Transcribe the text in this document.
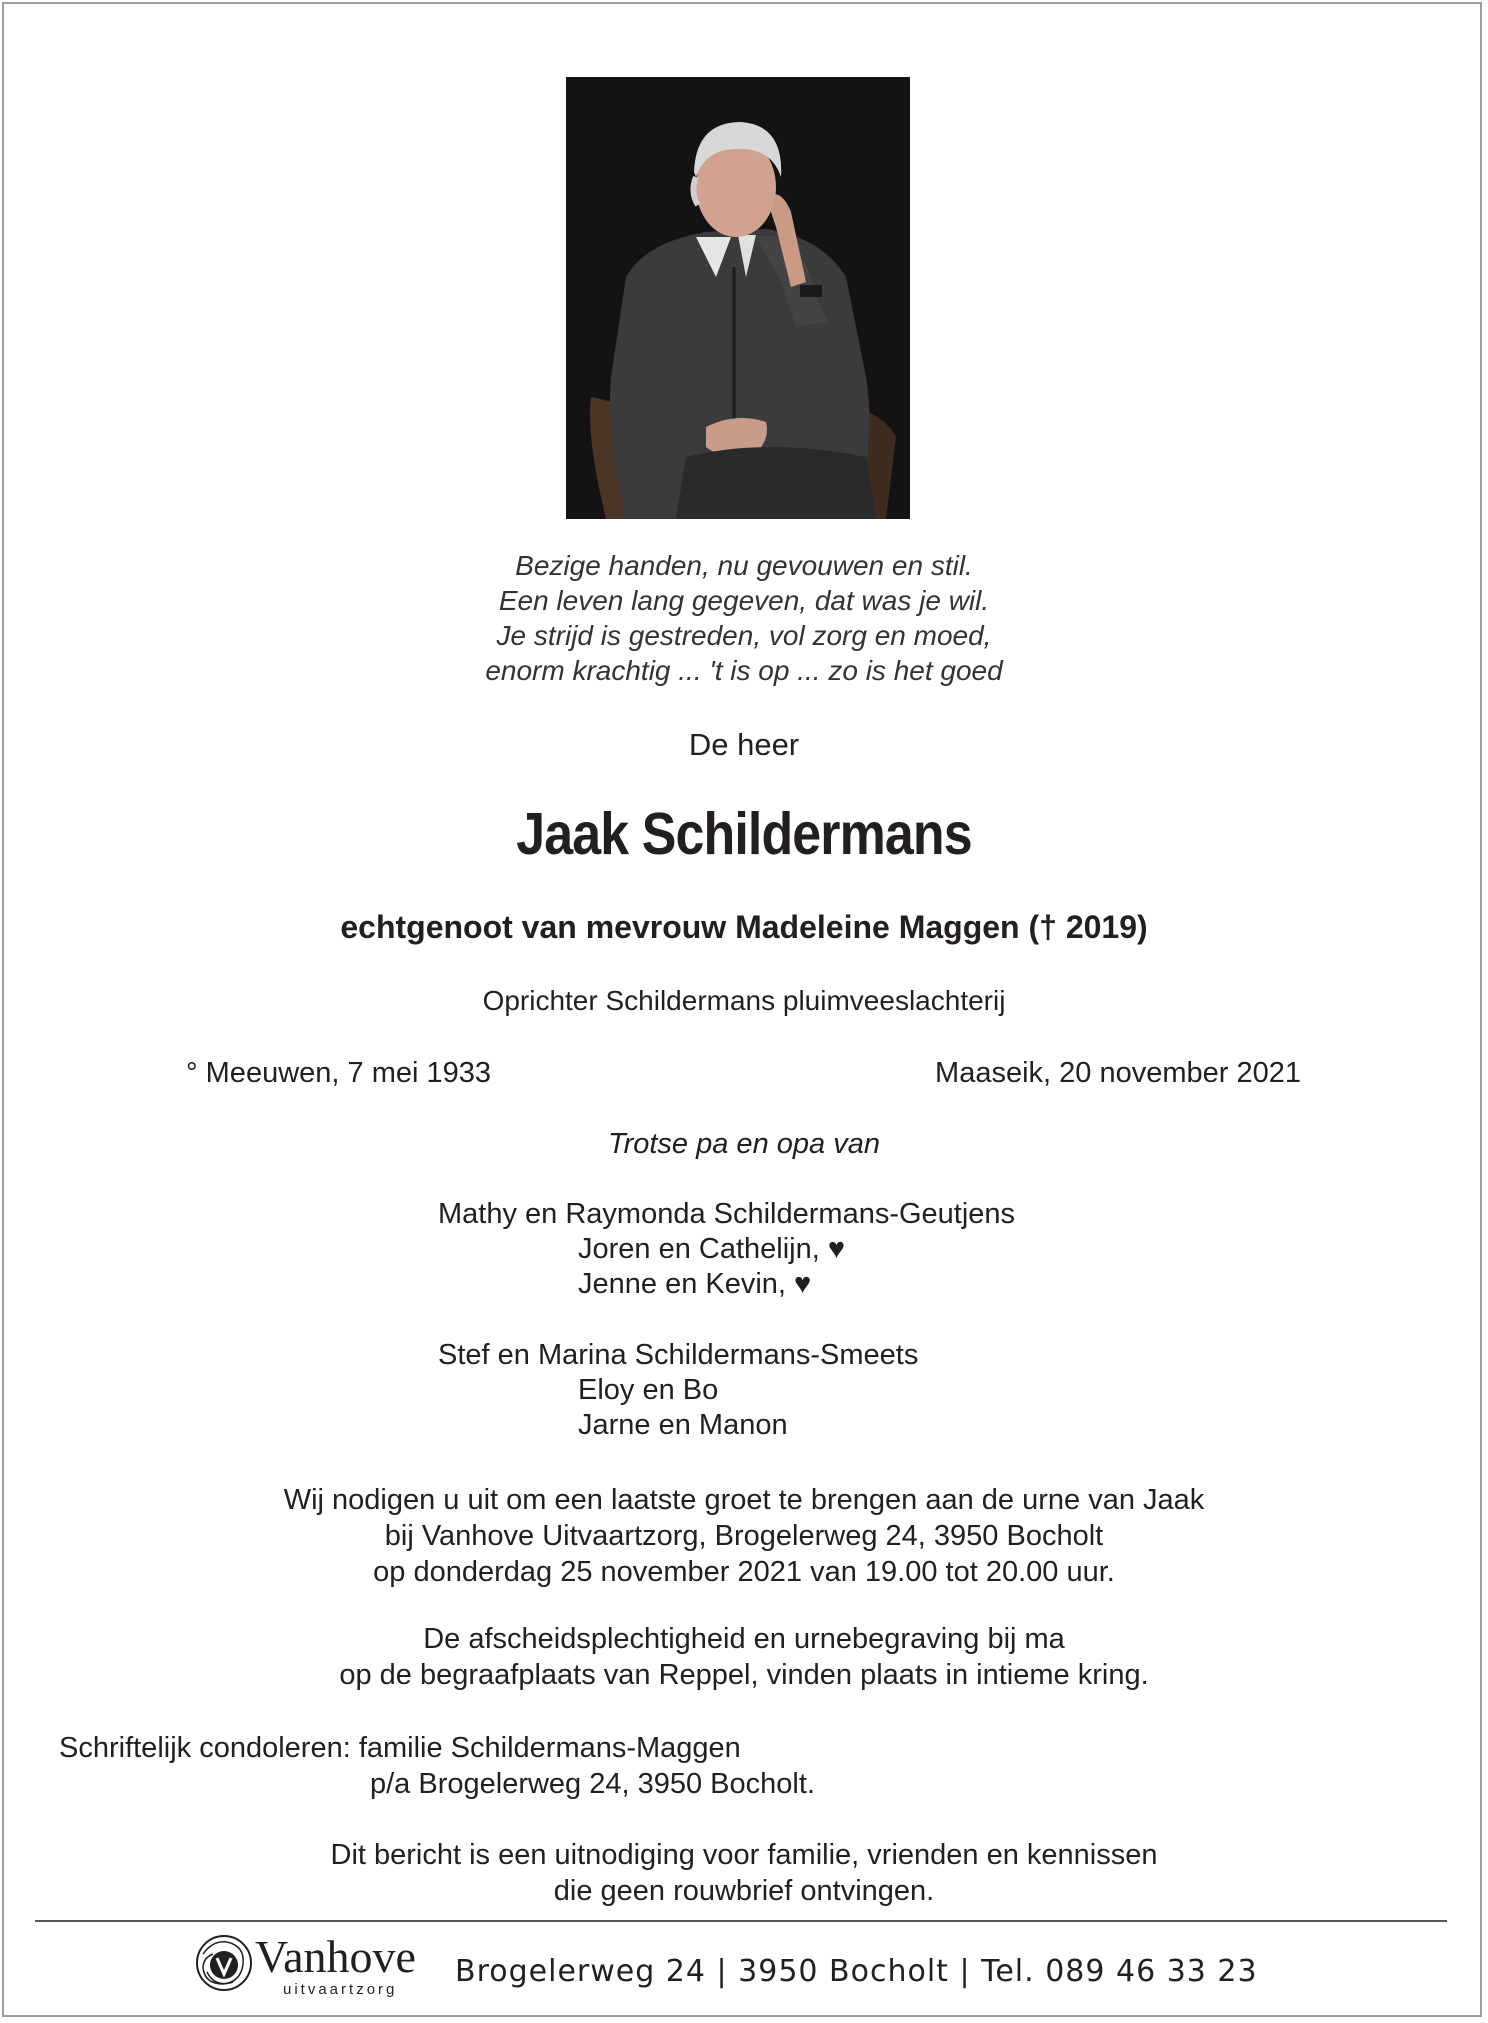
Bezige handen, nu gevouwen en stil.
Een leven lang gegeven, dat was je wil.
Je strijd is gestreden, vol zorg en moed,
enorm krachtig ... 't is op ... zo is het goed
De heer
Jaak Schildermans
echtgenoot van mevrouw Madeleine Maggen († 2019)
Oprichter Schildermans pluimveeslachterij
° Meeuwen, 7 mei 1933	Maaseik, 20 november 2021
Trotse pa en opa van
Mathy en Raymonda Schildermans-Geutjens
Joren en Cathelijn, ♥
Jenne en Kevin, ♥
Stef en Marina Schildermans-Smeets
Eloy en Bo
Jarne en Manon
Wij nodigen u uit om een laatste groet te brengen aan de urne van Jaak
bij Vanhove Uitvaartzorg, Brogelerweg 24, 3950 Bocholt
op donderdag 25 november 2021 van 19.00 tot 20.00 uur.
De afscheidsplechtigheid en urnebegraving bij ma
op de begraafplaats van Reppel, vinden plaats in intieme kring.
Schriftelijk condoleren: familie Schildermans-Maggen
p/a Brogelerweg 24, 3950 Bocholt.
Dit bericht is een uitnodiging voor familie, vrienden en kennissen
die geen rouwbrief ontvingen.
Vanhove
uitvaartzorg
Brogelerweg 24 | 3950 Bocholt | Tel. 089 46 33 23
